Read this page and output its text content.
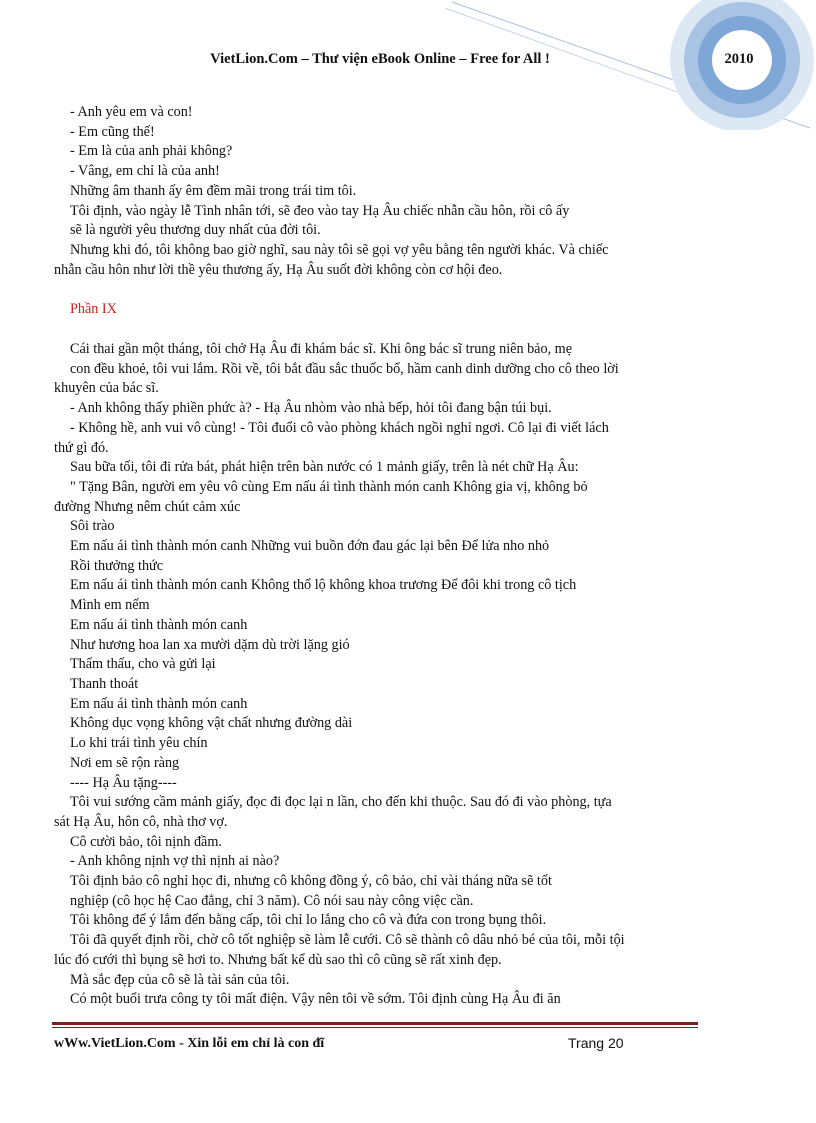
VietLion.Com – Thư viện eBook Online – Free for All !	2010

- Anh yêu em và con!

- Em cũng thế!

- Em là của anh phải không?

- Vâng, em chỉ là của anh!

Những âm thanh ấy êm đềm mãi trong trái tim tôi.

Tôi định, vào ngày lễ Tình nhân tới, sẽ đeo vào tay Hạ Âu chiếc nhẫn cầu hôn, rồi cô ấy

sẽ là người yêu thương duy nhất của đời tôi.

Nhưng khi đó, tôi không bao giờ nghĩ, sau này tôi sẽ gọi vợ yêu bằng tên người khác. Và chiếc

nhẫn cầu hôn như lời thề yêu thương ấy, Hạ Âu suốt đời không còn cơ hội đeo.

Phần IX

Cái thai gần một tháng, tôi chở Hạ Âu đi khám bác sĩ. Khi ông bác sĩ trung niên bảo, mẹ

con đều khoẻ, tôi vui lắm. Rồi về, tôi bắt đầu sắc thuốc bổ, hầm canh dinh dưỡng cho cô theo lời

khuyên của bác sĩ.

- Anh không thấy phiền phức à? - Hạ Âu nhòm vào nhà bếp, hỏi tôi đang bận túi bụi.

- Không hề, anh vui vô cùng! - Tôi đuổi cô vào phòng khách ngồi nghỉ ngơi. Cô lại đi viết lách

thứ gì đó.

Sau bữa tối, tôi đi rửa bát, phát hiện trên bàn nước có 1 mảnh giấy, trên là nét chữ Hạ Âu:

" Tặng Bân, người em yêu vô cùng Em nấu ái tình thành món canh Không gia vị, không bỏ

đường Nhưng nêm chút cảm xúc

Sôi trào

Em nấu ái tình thành món canh Những vui buồn đớn đau gác lại bên Để lửa nho nhỏ

Rồi thưởng thức

Em nấu ái tình thành món canh Không thổ lộ không khoa trương Để đôi khi trong cô tịch

Mình em nếm

Em nấu ái tình thành món canh

Như hương hoa lan xa mười dặm dù trời lặng gió

Thẩm thấu, cho và gửi lại

Thanh thoát

Em nấu ái tình thành món canh

Không dục vọng không vật chất nhưng đường dài

Lo khi trái tình yêu chín

Nơi em sẽ rộn ràng

---- Hạ Âu tặng----

Tôi vui sướng cầm mảnh giấy, đọc đi đọc lại n lần, cho đến khi thuộc. Sau đó đi vào phòng, tựa

sát Hạ Âu, hôn cô, nhà thơ vợ.

Cô cười bảo, tôi nịnh đầm.

- Anh không nịnh vợ thì nịnh ai nào?

Tôi định bảo cô nghỉ học đi, nhưng cô không đồng ý, cô bảo, chỉ vài tháng nữa sẽ tốt

nghiệp (cô học hệ Cao đẳng, chỉ 3 năm). Cô nói sau này công việc cần.

Tôi không để ý lắm đến bằng cấp, tôi chỉ lo lắng cho cô và đứa con trong bụng thôi.

Tôi đã quyết định rồi, chờ cô tốt nghiệp sẽ làm lễ cưới. Cô sẽ thành cô dâu nhỏ bé của tôi, mỗi tội

lúc đó cưới thì bụng sẽ hơi to. Nhưng bất kể dù sao thì cô cũng sẽ rất xinh đẹp.

Mà sắc đẹp của cô sẽ là tài sản của tôi.

Có một buổi trưa công ty tôi mất điện. Vậy nên tôi về sớm. Tôi định cùng Hạ Âu đi ăn

wWw.VietLion.Com - Xin lỗi em chỉ là con đĩ	Trang 20
